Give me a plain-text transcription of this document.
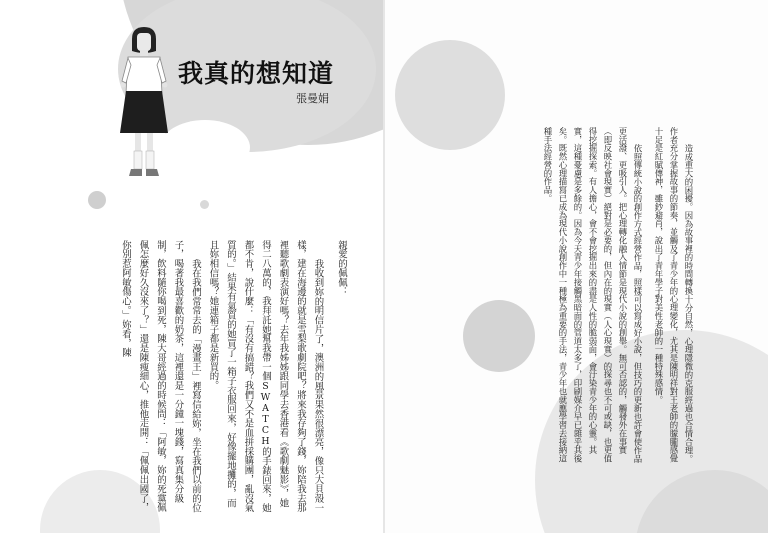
我真的想知道
張曼娟

親愛的佩佩：

我收到妳的明信片了，澳洲的風景果然很漂亮，像只大貝殼一樣，建在海邊的就是雪梨歌劇院吧？將來我存夠了錢，妳陪我去那裡聽歌劇表演好嗎？去年我姊姊跟同學去香港看《歌劇魅影》，她得二八萬的，我拜託她幫我帶一個SWATCH的手錶回來，她都不肯，說什麼：「有沒有搞錯？我們又不是血拼採購團，亂沒氣質的。」結果有氣質的她買了一箱子衣服回來，好像擺地攤的，而且妳相信嗎？她連箱子都是新買的。

我在我們常常去的「漫畫王」裡寫信給妳，坐在我們以前的位子，喝著我最喜歡的奶茶，這裡還是一分鐘一塊錢，寫真集分級制，飲料隨你喝到死，陳大哥經過的時候問：「阿敏，妳的死黨佩佩怎麼好久沒來了？」還是陳瘦細心，推他走開：「佩佩出國了，你別惹阿敏傷心。」妳看，陳	造成重大的困擾。因為故事裡的時間轉換十分自然，心理隱微的克服經過也合情合理。作者充分掌握故事的節奏，並觸及了青少年的心理變化，尤其是陳明祥對王老師的朦朧感覺十足是紅賦傳神，雖鈔避肖，說出了青年學子對美性老師的一種特殊感情。

依照傳統小說的創作方式經營作品，照樣可以寫成好小說，但技巧的更新也許會使作品更活潑、更吸引人。把心理轉化融入情節是現代小說的創舉。無可否認的，觸發外在事實（即反映社會現實）絕對是必要的，但內在的現實（人心現實）的探尋也不可或缺，也更值得挖掘探索。有人擔心，會不會挖掘出來的盡是人性的脆弱面，會汙染青少年的心靈。其實，這種憂慮是多餘的。因為今天青少年接觸黑暗面的管道太多了，印刷媒介早已雜乎其後矣。既然心理描寫已成為現代小說創作中一種極為重要的手法，青少年也就應學習去接納這種手法經營的作品。
